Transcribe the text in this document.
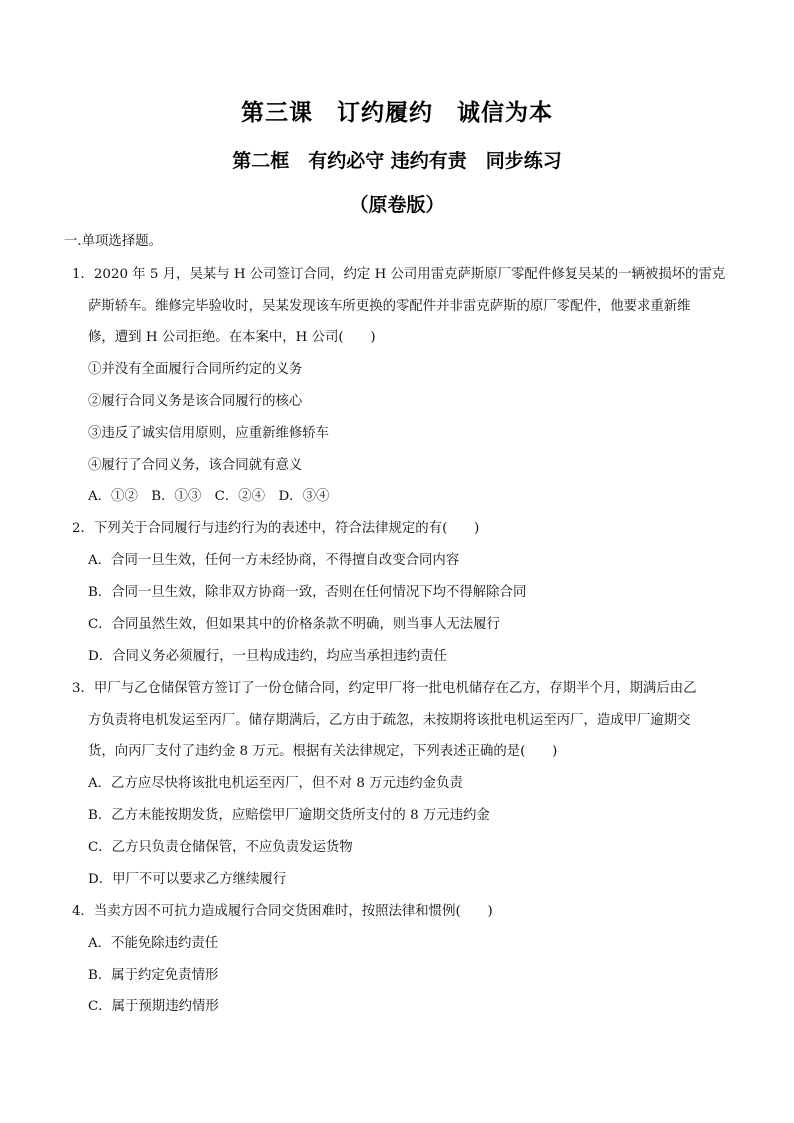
第三课　订约履约　诚信为本
第二框　有约必守 违约有责　同步练习
（原卷版）
一.单项选择题。
1．2020 年 5 月，吴某与 H 公司签订合同，约定 H 公司用雷克萨斯原厂零配件修复吴某的一辆被损坏的雷克
萨斯轿车。维修完毕验收时，吴某发现该车所更换的零配件并非雷克萨斯的原厂零配件，他要求重新维
修，遭到 H 公司拒绝。在本案中，H 公司(　　)
①并没有全面履行合同所约定的义务
②履行合同义务是该合同履行的核心
③违反了诚实信用原则，应重新维修轿车
④履行了合同义务，该合同就有意义
A．①②　B．①③　C．②④　D．③④
2．下列关于合同履行与违约行为的表述中，符合法律规定的有(　　)
A．合同一旦生效，任何一方未经协商，不得擅自改变合同内容
B．合同一旦生效，除非双方协商一致，否则在任何情况下均不得解除合同
C．合同虽然生效，但如果其中的价格条款不明确，则当事人无法履行
D．合同义务必须履行，一旦构成违约，均应当承担违约责任
3．甲厂与乙仓储保管方签订了一份仓储合同，约定甲厂将一批电机储存在乙方，存期半个月，期满后由乙
方负责将电机发运至丙厂。储存期满后，乙方由于疏忽，未按期将该批电机运至丙厂，造成甲厂逾期交
货，向丙厂支付了违约金 8 万元。根据有关法律规定，下列表述正确的是(　　)
A．乙方应尽快将该批电机运至丙厂，但不对 8 万元违约金负责
B．乙方未能按期发货，应赔偿甲厂逾期交货所支付的 8 万元违约金
C．乙方只负责仓储保管，不应负责发运货物
D．甲厂不可以要求乙方继续履行
4．当卖方因不可抗力造成履行合同交货困难时，按照法律和惯例(　　)
A．不能免除违约责任
B．属于约定免责情形
C．属于预期违约情形
